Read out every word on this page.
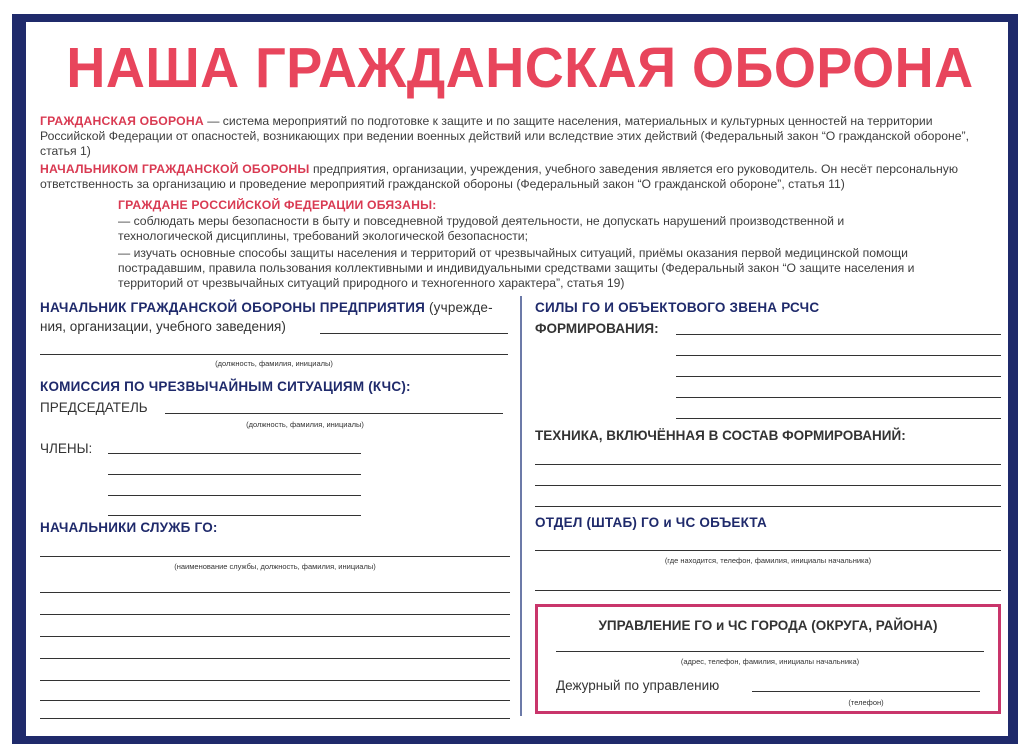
1
НАША ГРАЖДАНСКАЯ ОБОРОНА
ГРАЖДАНСКАЯ ОБОРОНА — система мероприятий по подготовке к защите и по защите населения, материальных и культурных ценностей на территории Российской Федерации от опасностей, возникающих при ведении военных действий или вследствие этих действий (Федеральный закон “О гражданской обороне”, статья 1)
НАЧАЛЬНИКОМ ГРАЖДАНСКОЙ ОБОРОНЫ предприятия, организации, учреждения, учебного заведения является его руководитель. Он несёт персональную ответственность за организацию и проведение мероприятий гражданской обороны (Федеральный закон “О гражданской обороне”, статья 11)
ГРАЖДАНЕ РОССИЙСКОЙ ФЕДЕРАЦИИ ОБЯЗАНЫ:
— соблюдать меры безопасности в быту и повседневной трудовой деятельности, не допускать нарушений производственной и технологической дисциплины, требований экологической безопасности;
— изучать основные способы защиты населения и территорий от чрезвычайных ситуаций, приёмы оказания первой медицинской помощи пострадавшим, правила пользования коллективными и индивидуальными средствами защиты (Федеральный закон “О защите населения и территорий от чрезвычайных ситуаций природного и техногенного характера”, статья 19)
НАЧАЛЬНИК ГРАЖДАНСКОЙ ОБОРОНЫ ПРЕДПРИЯТИЯ (учрежде-
ния, организации, учебного заведения)
(должность, фамилия, инициалы)
КОМИССИЯ ПО ЧРЕЗВЫЧАЙНЫМ СИТУАЦИЯМ (КЧС):
ПРЕДСЕДАТЕЛЬ
(должность, фамилия, инициалы)
ЧЛЕНЫ:
НАЧАЛЬНИКИ СЛУЖБ ГО:
(наименование службы, должность, фамилия, инициалы)
СИЛЫ ГО И ОБЪЕКТОВОГО ЗВЕНА РСЧС
ФОРМИРОВАНИЯ:
ТЕХНИКА, ВКЛЮЧЁННАЯ В СОСТАВ ФОРМИРОВАНИЙ:
ОТДЕЛ (ШТАБ) ГО и ЧС ОБЪЕКТА
(где находится, телефон, фамилия, инициалы начальника)
УПРАВЛЕНИЕ ГО и ЧС ГОРОДА (ОКРУГА, РАЙОНА)
(адрес, телефон, фамилия, инициалы начальника)
Дежурный по управлению
(телефон)
